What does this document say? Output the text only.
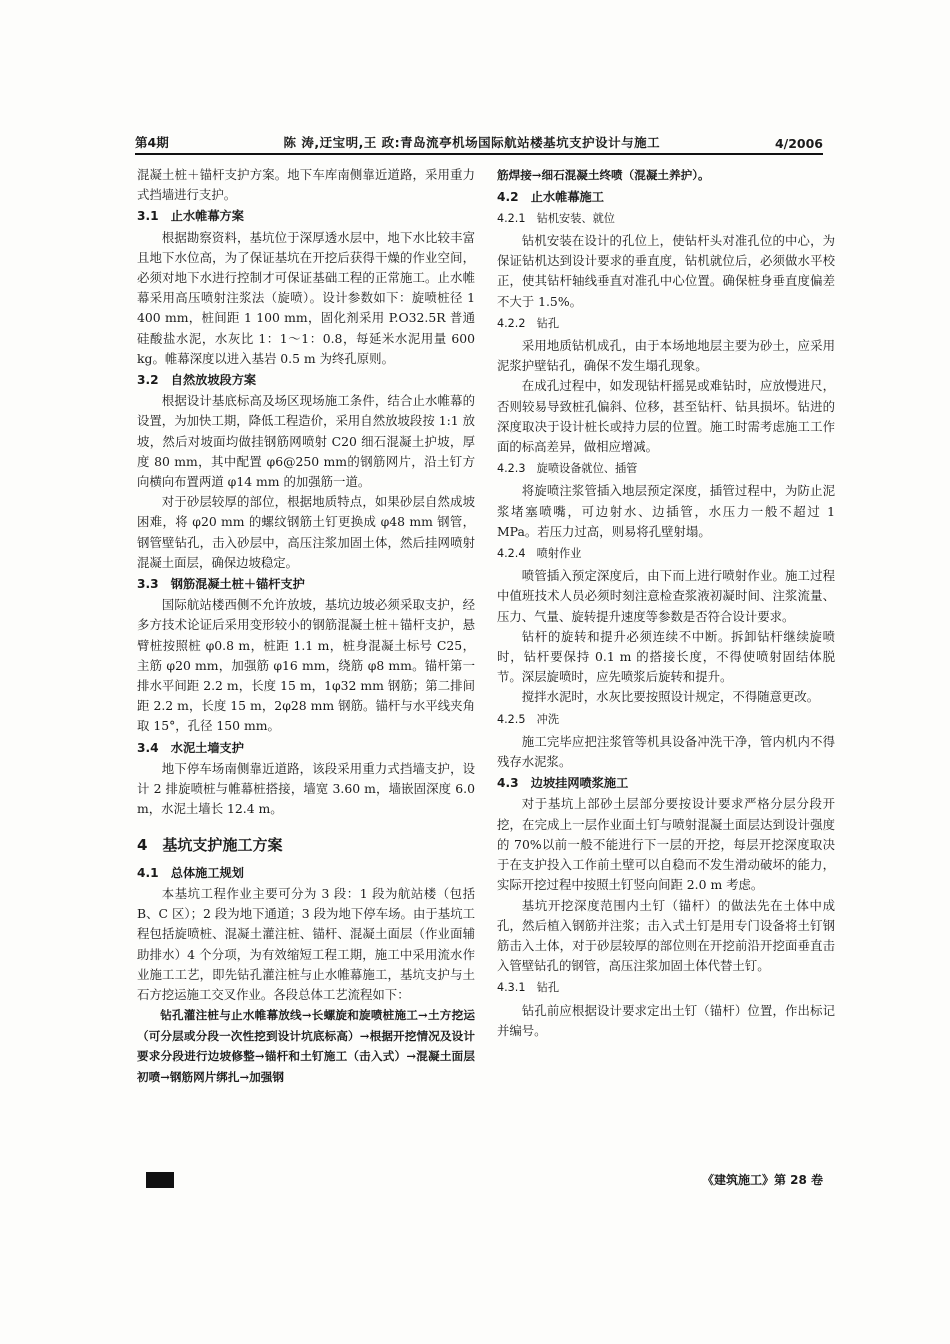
第4期	陈 涛,迂宝明,王 政:青岛流亭机场国际航站楼基坑支护设计与施工	4/2006

混凝土桩＋锚杆支护方案。地下车库南侧靠近道路，采用重力式挡墙进行支护。

3.1　止水帷幕方案

根据勘察资料，基坑位于深厚透水层中，地下水比较丰富且地下水位高，为了保证基坑在开挖后获得干燥的作业空间，必须对地下水进行控制才可保证基础工程的正常施工。止水帷幕采用高压喷射注浆法（旋喷）。设计参数如下：旋喷桩径 1 400 mm，桩间距 1 100 mm，固化剂采用 P.O32.5R 普通硅酸盐水泥，水灰比 1：1～1：0.8，每延米水泥用量 600 kg。帷幕深度以进入基岩 0.5 m 为终孔原则。

3.2　自然放坡段方案

根据设计基底标高及场区现场施工条件，结合止水帷幕的设置，为加快工期，降低工程造价，采用自然放坡段按 1:1 放坡，然后对坡面均做挂钢筋网喷射 C20 细石混凝土护坡，厚度 80 mm，其中配置 φ6@250 mm的钢筋网片，沿土钉方向横向布置两道 φ14 mm 的加强筋一道。

对于砂层较厚的部位，根据地质特点，如果砂层自然成坡困难，将 φ20 mm 的螺纹钢筋土钉更换成 φ48 mm 钢管，钢管壁钻孔，击入砂层中，高压注浆加固土体，然后挂网喷射混凝土面层，确保边坡稳定。

3.3　钢筋混凝土桩＋锚杆支护

国际航站楼西侧不允许放坡，基坑边坡必须采取支护，经多方技术论证后采用变形较小的钢筋混凝土桩＋锚杆支护，悬臂桩按照桩 φ0.8 m，桩距 1.1 m，桩身混凝土标号 C25，主筋 φ20 mm，加强筋 φ16 mm，绕筋 φ8 mm。锚杆第一排水平间距 2.2 m，长度 15 m，1φ32 mm 钢筋；第二排间距 2.2 m，长度 15 m，2φ28 mm 钢筋。锚杆与水平线夹角取 15°，孔径 150 mm。

3.4　水泥土墙支护

地下停车场南侧靠近道路，该段采用重力式挡墙支护，设计 2 排旋喷桩与帷幕桩搭接，墙宽 3.60 m，墙嵌固深度 6.0 m，水泥土墙长 12.4 m。

4　基坑支护施工方案
4.1　总体施工规划

本基坑工程作业主要可分为 3 段：1 段为航站楼（包括 B、C 区）；2 段为地下通道；3 段为地下停车场。由于基坑工程包括旋喷桩、混凝土灌注桩、锚杆、混凝土面层（作业面辅助排水）4 个分项，为有效缩短工程工期，施工中采用流水作业施工工艺，即先钻孔灌注桩与止水帷幕施工，基坑支护与土石方挖运施工交叉作业。各段总体工艺流程如下：

钻孔灌注桩与止水帷幕放线→长螺旋和旋喷桩施工→土方挖运（可分层或分段一次性挖到设计坑底标高）→根据开挖情况及设计要求分段进行边坡修整→锚杆和土钉施工（击入式）→混凝土面层初喷→钢筋网片绑扎→加强钢

筋焊接→细石混凝土终喷（混凝土养护）。

4.2　止水帷幕施工
4.2.1　钻机安装、就位

钻机安装在设计的孔位上，使钻杆头对准孔位的中心，为保证钻机达到设计要求的垂直度，钻机就位后，必须做水平校正，使其钻杆轴线垂直对准孔中心位置。确保桩身垂直度偏差不大于 1.5%。

4.2.2　钻孔

采用地质钻机成孔，由于本场地地层主要为砂土，应采用泥浆护壁钻孔，确保不发生塌孔现象。

在成孔过程中，如发现钻杆摇晃或难钻时，应放慢进尺，否则较易导致桩孔偏斜、位移，甚至钻杆、钻具损坏。钻进的深度取决于设计桩长或持力层的位置。施工时需考虑施工工作面的标高差异，做相应增减。

4.2.3　旋喷设备就位、插管

将旋喷注浆管插入地层预定深度，插管过程中，为防止泥浆堵塞喷嘴，可边射水、边插管，水压力一般不超过 1 MPa。若压力过高，则易将孔壁射塌。

4.2.4　喷射作业

喷管插入预定深度后，由下而上进行喷射作业。施工过程中值班技术人员必须时刻注意检查浆液初凝时间、注浆流量、压力、气量、旋转提升速度等参数是否符合设计要求。

钻杆的旋转和提升必须连续不中断。拆卸钻杆继续旋喷时，钻杆要保持 0.1 m 的搭接长度，不得使喷射固结体脱节。深层旋喷时，应先喷浆后旋转和提升。

搅拌水泥时，水灰比要按照设计规定，不得随意更改。

4.2.5　冲洗

施工完毕应把注浆管等机具设备冲洗干净，管内机内不得残存水泥浆。

4.3　边坡挂网喷浆施工

对于基坑上部砂土层部分要按设计要求严格分层分段开挖，在完成上一层作业面土钉与喷射混凝土面层达到设计强度的 70%以前一般不能进行下一层的开挖，每层开挖深度取决于在支护投入工作前土壁可以自稳而不发生滑动破坏的能力，实际开挖过程中按照土钉竖向间距 2.0 m 考虑。

基坑开挖深度范围内土钉（锚杆）的做法先在土体中成孔，然后植入钢筋并注浆；击入式土钉是用专门设备将土钉钢筋击入土体，对于砂层较厚的部位则在开挖前沿开挖面垂直击入管壁钻孔的钢管，高压注浆加固土体代替土钉。

4.3.1　钻孔

钻孔前应根据设计要求定出土钉（锚杆）位置，作出标记并编号。

《建筑施工》第 28 卷
